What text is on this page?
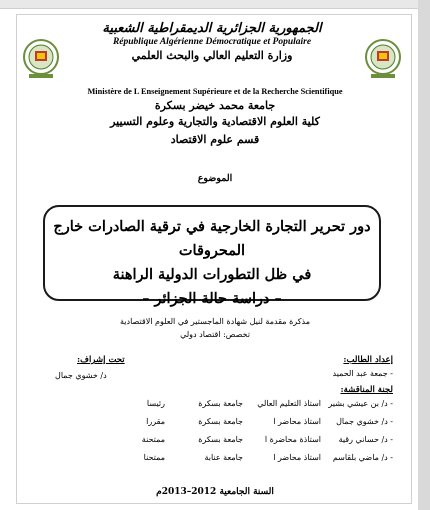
الجمهورية الجزائرية الديمقراطية الشعبية
République Algérienne Démocratique et Populaire
وزارة التعليم العالي والبحث العلمي
Ministère de L Enseignement Supérieure et de la Recherche Scientifique
جامعة محمد خيضر بسكرة
كلية العلوم الاقتصادية والتجارية وعلوم التسيير
قسم علوم الاقتصاد
الموضوع
دور تحرير التجارة الخارجية في ترقية الصادرات خارج المحروقات
في ظل التطورات الدولية الراهنة
– دراسة حالة الجزائر –
مذكرة مقدمة لنيل شهادة الماجستير في العلوم الاقتصادية
تخصص: اقتصاد دولي
تحت إشراف:
د/ خشوي جمال
إعداد الطالب:
- جمعة عبد الحميد
لجنة المناقشة:
- د/ بن عيشي بشير
استاذ التعليم العالي
جامعة بسكرة
رئيسا
- د/ خشوي جمال
استاذ محاضر ا
جامعة بسكرة
مقررا
- د/ حساني رقية
استاذة محاضرة ا
جامعة بسكرة
ممتحنة
- د/ ماضي بلقاسم
استاذ محاضر ا
جامعة عنابة
ممتحنا
السنة الجامعية 2012–2013م
